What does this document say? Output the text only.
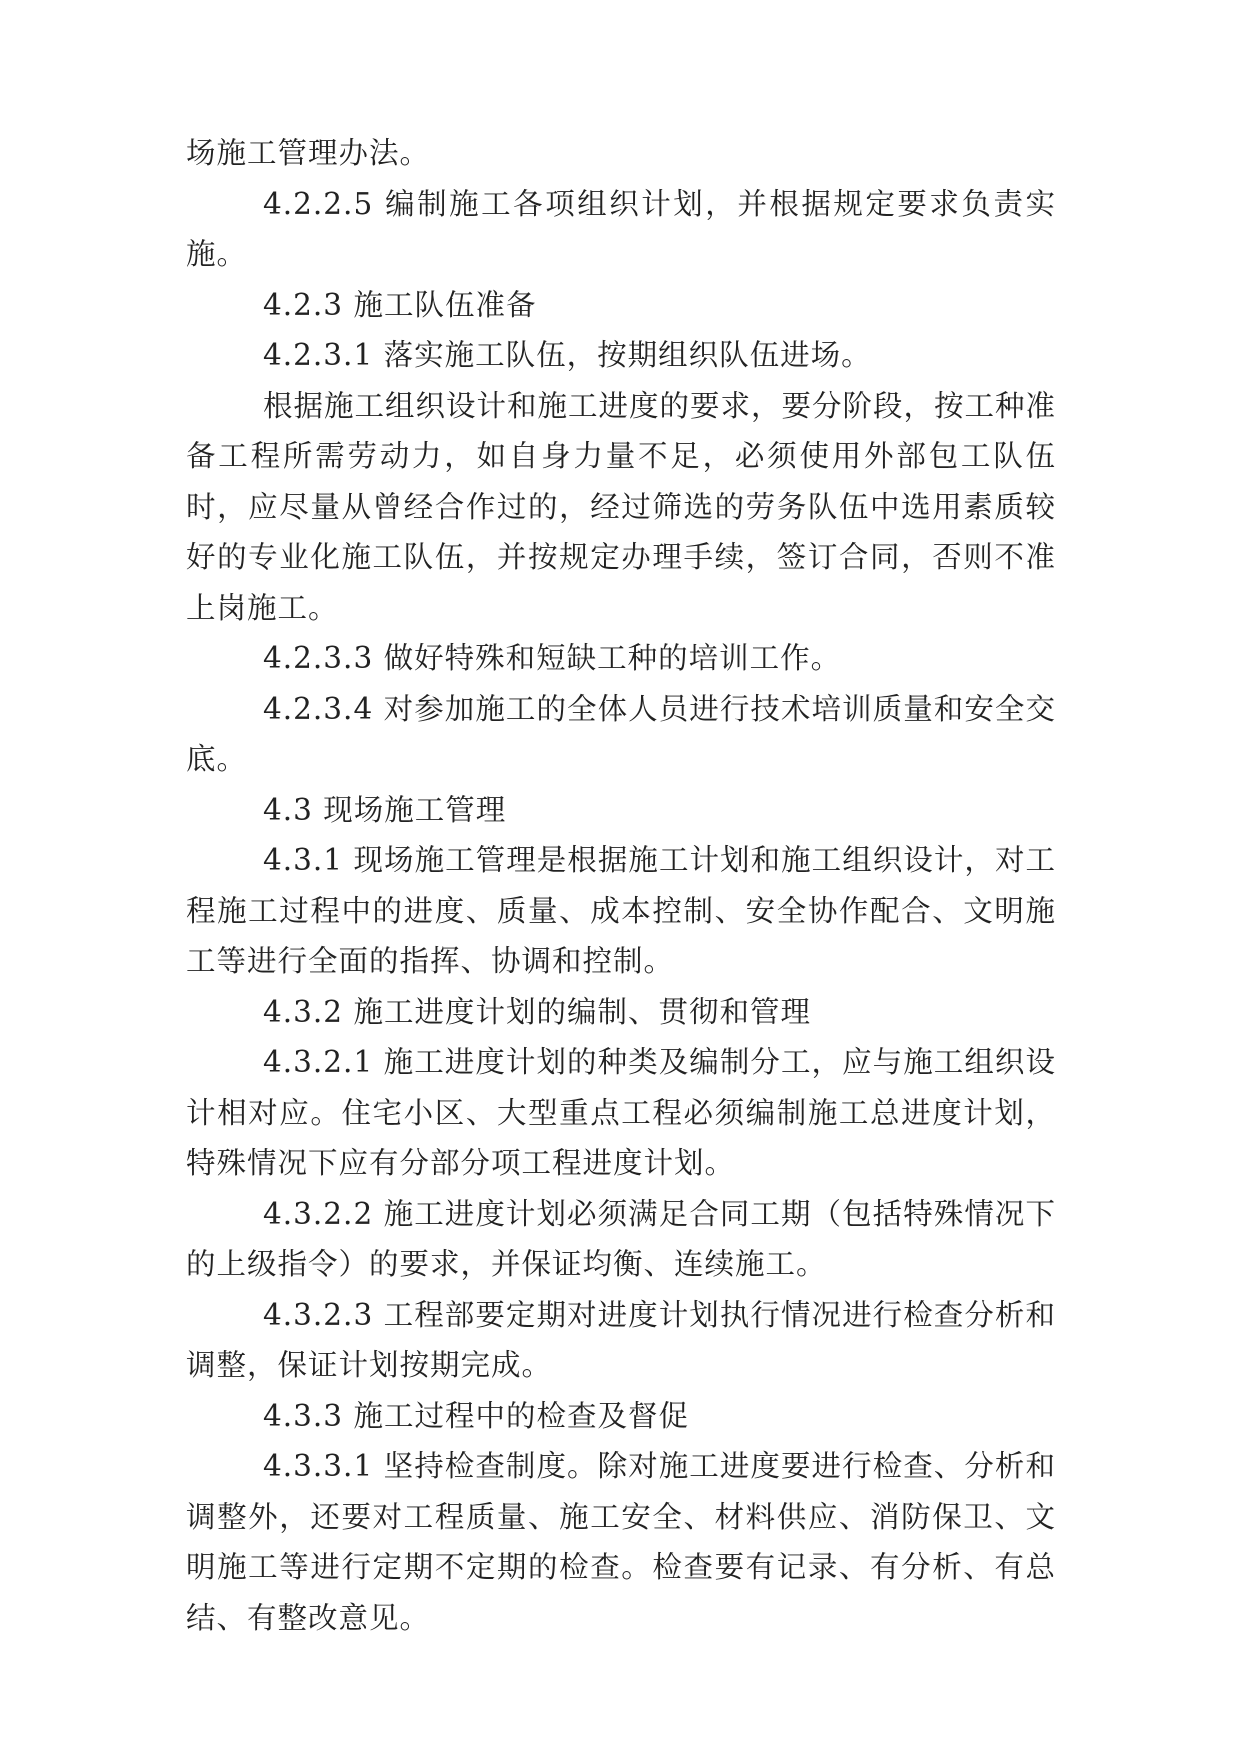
场施工管理办法。

4.2.2.5 编制施工各项组织计划，并根据规定要求负责实施。

4.2.3 施工队伍准备

4.2.3.1 落实施工队伍，按期组织队伍进场。

根据施工组织设计和施工进度的要求，要分阶段，按工种准备工程所需劳动力，如自身力量不足，必须使用外部包工队伍时，应尽量从曾经合作过的，经过筛选的劳务队伍中选用素质较好的专业化施工队伍，并按规定办理手续，签订合同，否则不准上岗施工。

4.2.3.3 做好特殊和短缺工种的培训工作。

4.2.3.4 对参加施工的全体人员进行技术培训质量和安全交底。

4.3 现场施工管理

4.3.1 现场施工管理是根据施工计划和施工组织设计，对工程施工过程中的进度、质量、成本控制、安全协作配合、文明施工等进行全面的指挥、协调和控制。

4.3.2 施工进度计划的编制、贯彻和管理

4.3.2.1 施工进度计划的种类及编制分工，应与施工组织设计相对应。住宅小区、大型重点工程必须编制施工总进度计划，特殊情况下应有分部分项工程进度计划。

4.3.2.2 施工进度计划必须满足合同工期（包括特殊情况下的上级指令）的要求，并保证均衡、连续施工。

4.3.2.3 工程部要定期对进度计划执行情况进行检查分析和调整，保证计划按期完成。

4.3.3 施工过程中的检查及督促

4.3.3.1 坚持检查制度。除对施工进度要进行检查、分析和调整外，还要对工程质量、施工安全、材料供应、消防保卫、文明施工等进行定期不定期的检查。检查要有记录、有分析、有总结、有整改意见。
